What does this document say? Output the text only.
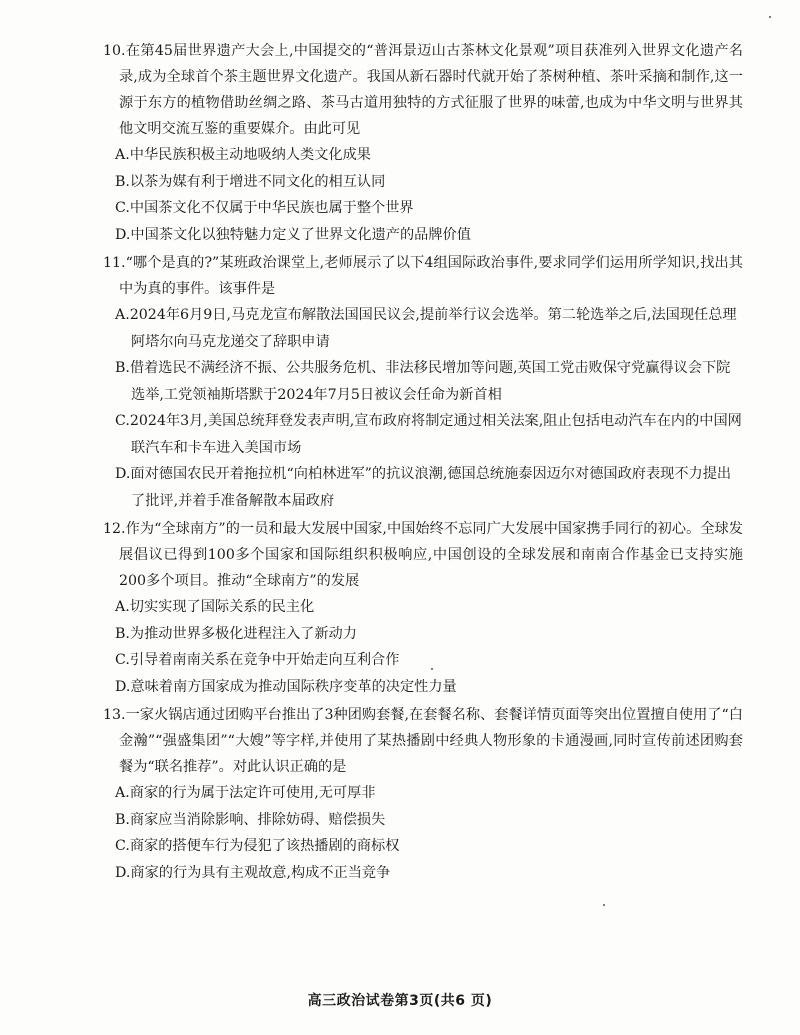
10.在第45届世界遗产大会上,中国提交的“普洱景迈山古茶林文化景观”项目获准列入世界文化遗产名录,成为全球首个茶主题世界文化遗产。我国从新石器时代就开始了茶树种植、茶叶采摘和制作,这一源于东方的植物借助丝绸之路、茶马古道用独特的方式征服了世界的味蕾,也成为中华文明与世界其他文明交流互鉴的重要媒介。由此可见

A.中华民族积极主动地吸纳人类文化成果
B.以茶为媒有利于增进不同文化的相互认同
C.中国茶文化不仅属于中华民族也属于整个世界
D.中国茶文化以独特魅力定义了世界文化遗产的品牌价值

11.“哪个是真的?”某班政治课堂上,老师展示了以下4组国际政治事件,要求同学们运用所学知识,找出其中为真的事件。该事件是

A.2024年6月9日,马克龙宣布解散法国国民议会,提前举行议会选举。第二轮选举之后,法国现任总理阿塔尔向马克龙递交了辞职申请
B.借着选民不满经济不振、公共服务危机、非法移民增加等问题,英国工党击败保守党赢得议会下院选举,工党领袖斯塔默于2024年7月5日被议会任命为新首相
C.2024年3月,美国总统拜登发表声明,宣布政府将制定通过相关法案,阻止包括电动汽车在内的中国网联汽车和卡车进入美国市场
D.面对德国农民开着拖拉机“向柏林进军”的抗议浪潮,德国总统施泰因迈尔对德国政府表现不力提出了批评,并着手准备解散本届政府

12.作为“全球南方”的一员和最大发展中国家,中国始终不忘同广大发展中国家携手同行的初心。全球发展倡议已得到100多个国家和国际组织积极响应,中国创设的全球发展和南南合作基金已支持实施200多个项目。推动“全球南方”的发展

A.切实实现了国际关系的民主化
B.为推动世界多极化进程注入了新动力
C.引导着南南关系在竞争中开始走向互利合作
D.意味着南方国家成为推动国际秩序变革的决定性力量

13.一家火锅店通过团购平台推出了3种团购套餐,在套餐名称、套餐详情页面等突出位置擅自使用了“白金瀚”“强盛集团”“大嫂”等字样,并使用了某热播剧中经典人物形象的卡通漫画,同时宣传前述团购套餐为“联名推荐”。对此认识正确的是

A.商家的行为属于法定许可使用,无可厚非
B.商家应当消除影响、排除妨碍、赔偿损失
C.商家的搭便车行为侵犯了该热播剧的商标权
D.商家的行为具有主观故意,构成不正当竞争
高三政治试卷第3页(共6 页)
